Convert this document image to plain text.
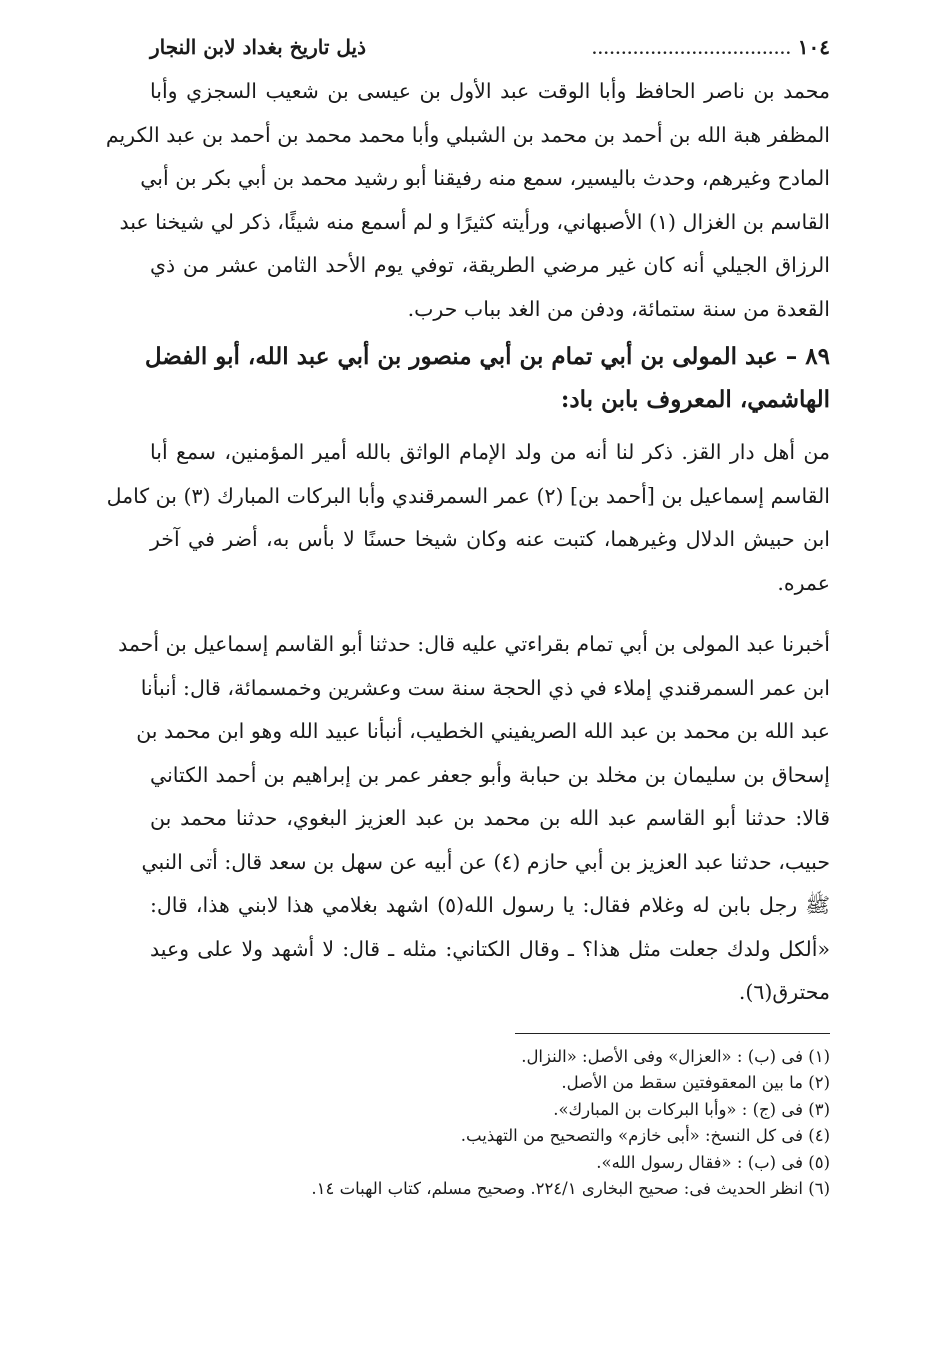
١٠٤
..................................
ذيل تاريخ بغداد لابن النجار
محمد بن ناصر الحافظ وأبا الوقت عبد الأول بن عيسى بن شعيب السجزي وأبا
المظفر هبة الله بن أحمد بن محمد بن الشبلي وأبا محمد محمد بن أحمد بن عبد الكريم
المادح وغيرهم، وحدث باليسير، سمع منه رفيقنا أبو رشيد محمد بن أبي بكر بن أبي
القاسم بن الغزال (١) الأصبهاني، ورأيته كثيرًا و لم أسمع منه شيئًا، ذكر لي شيخنا عبد
الرزاق الجيلي أنه كان غير مرضي الطريقة، توفي يوم الأحد الثامن عشر من ذي
القعدة من سنة ستمائة، ودفن من الغد بباب حرب.
٨٩ – عبد المولى بن أبي تمام بن أبي منصور بن أبي عبد الله، أبو الفضل
الهاشمي، المعروف بابن باد:
من أهل دار القز. ذكر لنا أنه من ولد الإمام الواثق بالله أمير المؤمنين، سمع أبا
القاسم إسماعيل بن [أحمد بن] (٢) عمر السمرقندي وأبا البركات المبارك (٣) بن كامل
ابن حبيش الدلال وغيرهما، كتبت عنه وكان شيخا حسنًا لا بأس به، أضر في آخر
عمره.
أخبرنا عبد المولى بن أبي تمام بقراءتي عليه قال: حدثنا أبو القاسم إسماعيل بن أحمد
ابن عمر السمرقندي إملاء في ذي الحجة سنة ست وعشرين وخمسمائة، قال: أنبأنا
عبد الله بن محمد بن عبد الله الصريفيني الخطيب، أنبأنا عبيد الله وهو ابن محمد بن
إسحاق بن سليمان بن مخلد بن حبابة وأبو جعفر عمر بن إبراهيم بن أحمد الكتاني
قالا: حدثنا أبو القاسم عبد الله بن محمد بن عبد العزيز البغوي، حدثنا محمد بن
حبيب، حدثنا عبد العزيز بن أبي حازم (٤) عن أبيه عن سهل بن سعد قال: أتى النبي
ﷺ رجل بابن له وغلام فقال: يا رسول الله(٥) اشهد بغلامي هذا لابني هذا، قال:
«ألكل ولدك جعلت مثل هذا؟ ـ وقال الكتاني: مثله ـ قال: لا أشهد ولا على وعيد
محترق(٦).
(١) فى (ب) : «العزال» وفى الأصل: «النزال.
(٢) ما بين المعقوفتين سقط من الأصل.
(٣) فى (ج) : «وأبا البركات بن المبارك».
(٤) فى كل النسخ: «أبى خازم» والتصحيح من التهذيب.
(٥) فى (ب) : «فقال رسول الله».
(٦) انظر الحديث فى: صحيح البخارى ٢٢٤/١. وصحيح مسلم، كتاب الهبات ١٤.
